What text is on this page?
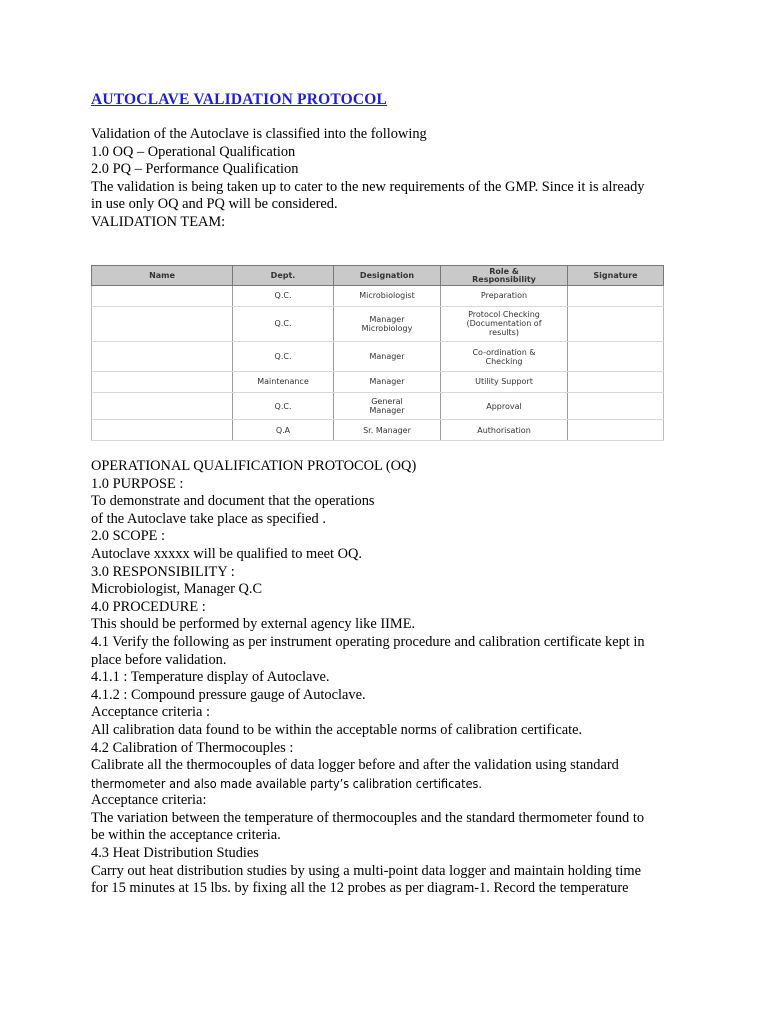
AUTOCLAVE VALIDATION PROTOCOL

Validation of the Autoclave is classified into the following

1.0 OQ – Operational Qualification

2.0 PQ – Performance Qualification

The validation is being taken up to cater to the new requirements of the GMP. Since it is already

in use only OQ and PQ will be considered.

VALIDATION TEAM:

Name	Dept.	Designation	Role &
Responsibility	Signature
	Q.C.	Microbiologist	Preparation	
	Q.C.	Manager
Microbiology	Protocol Checking
(Documentation of
results)	
	Q.C.	Manager	Co-ordination &
Checking	
	Maintenance	Manager	Utility Support	
	Q.C.	General
Manager	Approval	
	Q.A	Sr. Manager	Authorisation	

OPERATIONAL QUALIFICATION PROTOCOL (OQ)

1.0 PURPOSE :

To demonstrate and document that the operations

of the Autoclave take place as specified .

2.0 SCOPE :

Autoclave xxxxx will be qualified to meet OQ.

3.0 RESPONSIBILITY :

Microbiologist, Manager Q.C

4.0 PROCEDURE :

This should be performed by external agency like IIME.

4.1 Verify the following as per instrument operating procedure and calibration certificate kept in

place before validation.

4.1.1 : Temperature display of Autoclave.

4.1.2 : Compound pressure gauge of Autoclave.

Acceptance criteria :

All calibration data found to be within the acceptable norms of calibration certificate.

4.2 Calibration of Thermocouples :

Calibrate all the thermocouples of data logger before and after the validation using standard

thermometer and also made available party’s calibration certificates.

Acceptance criteria:

The variation between the temperature of thermocouples and the standard thermometer found to

be within the acceptance criteria.

4.3 Heat Distribution Studies

Carry out heat distribution studies by using a multi-point data logger and maintain holding time

for 15 minutes at 15 lbs. by fixing all the 12 probes as per diagram-1. Record the temperature
